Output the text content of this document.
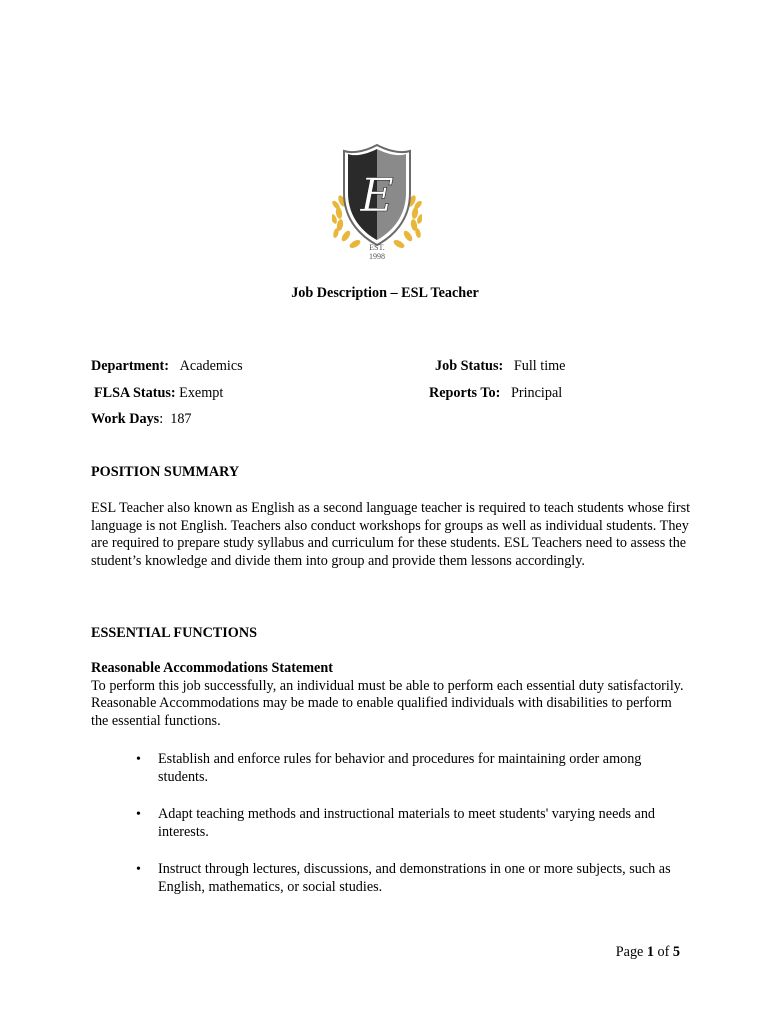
E
EST.
1998
Job Description – ESL Teacher
Department: Academics	Job Status: Full time
FLSA Status: Exempt	Reports To: Principal
Work Days: 187
POSITION SUMMARY
ESL Teacher also known as English as a second language teacher is required to teach students whose first language is not English. Teachers also conduct workshops for groups as well as individual students. They are required to prepare study syllabus and curriculum for these students. ESL Teachers need to assess the student’s knowledge and divide them into group and provide them lessons accordingly.
ESSENTIAL FUNCTIONS
Reasonable Accommodations Statement
To perform this job successfully, an individual must be able to perform each essential duty satisfactorily. Reasonable Accommodations may be made to enable qualified individuals with disabilities to perform the essential functions.
• Establish and enforce rules for behavior and procedures for maintaining order among students.
• Adapt teaching methods and instructional materials to meet students' varying needs and interests.
• Instruct through lectures, discussions, and demonstrations in one or more subjects, such as English, mathematics, or social studies.
Page 1 of 5
